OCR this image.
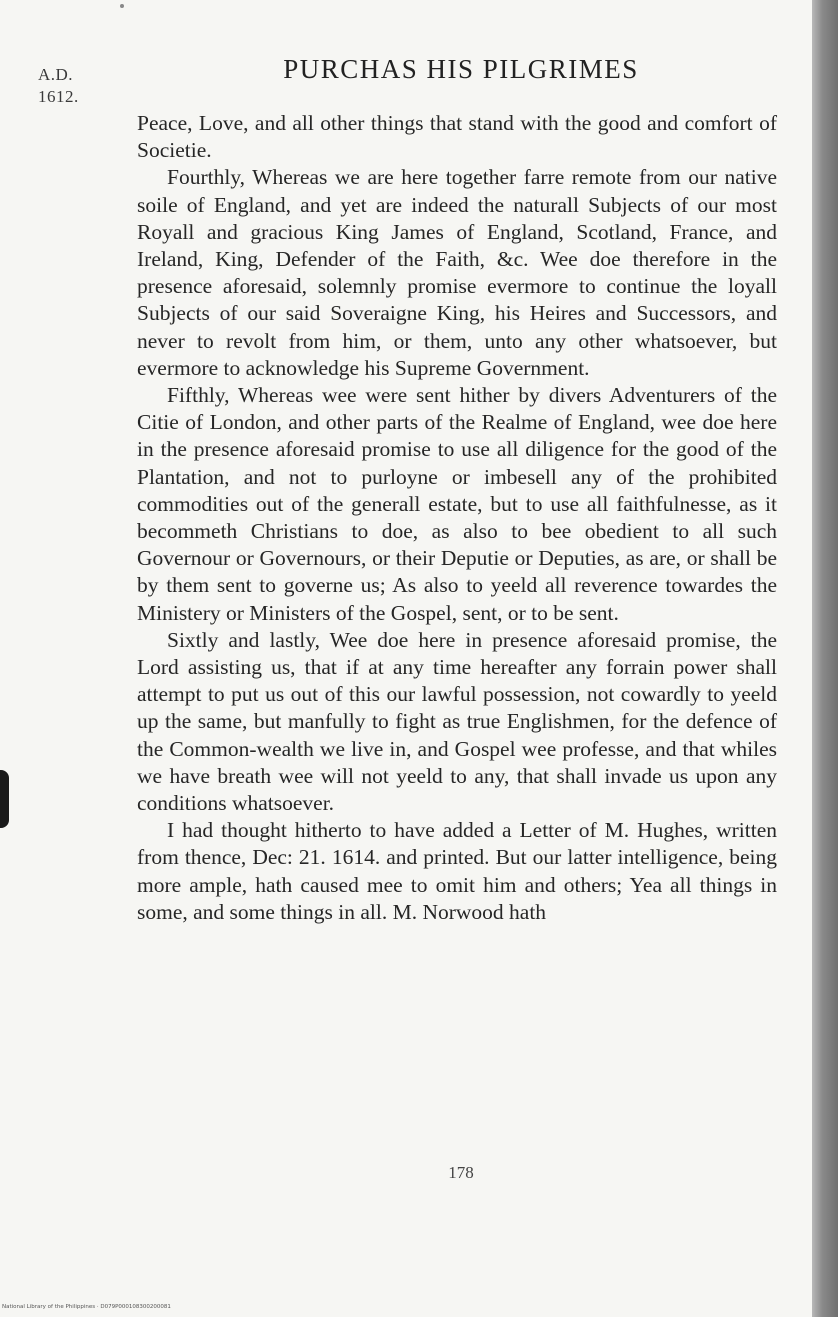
A.D.
1612.
PURCHAS HIS PILGRIMES

Peace, Love, and all other things that stand with the good and comfort of Societie.

Fourthly, Whereas we are here together farre remote from our native soile of England, and yet are indeed the naturall Subjects of our most Royall and gracious King James of England, Scotland, France, and Ireland, King, Defender of the Faith, &c. Wee doe therefore in the presence aforesaid, solemnly promise evermore to continue the loyall Subjects of our said Soveraigne King, his Heires and Successors, and never to revolt from him, or them, unto any other whatsoever, but evermore to acknowledge his Supreme Government.

Fifthly, Whereas wee were sent hither by divers Adventurers of the Citie of London, and other parts of the Realme of England, wee doe here in the presence aforesaid promise to use all diligence for the good of the Plantation, and not to purloyne or imbesell any of the prohibited commodities out of the generall estate, but to use all faithfulnesse, as it becommeth Christians to doe, as also to bee obedient to all such Governour or Governours, or their Deputie or Deputies, as are, or shall be by them sent to governe us; As also to yeeld all reverence towardes the Ministery or Ministers of the Gospel, sent, or to be sent.

Sixtly and lastly, Wee doe here in presence aforesaid promise, the Lord assisting us, that if at any time hereafter any forrain power shall attempt to put us out of this our lawful possession, not cowardly to yeeld up the same, but manfully to fight as true Englishmen, for the defence of the Common-wealth we live in, and Gospel wee professe, and that whiles we have breath wee will not yeeld to any, that shall invade us upon any conditions whatsoever.

I had thought hitherto to have added a Letter of M. Hughes, written from thence, Dec: 21. 1614. and printed. But our latter intelligence, being more ample, hath caused mee to omit him and others; Yea all things in some, and some things in all. M. Norwood hath

178
National Library of the Philippines · D079P000108300200081
